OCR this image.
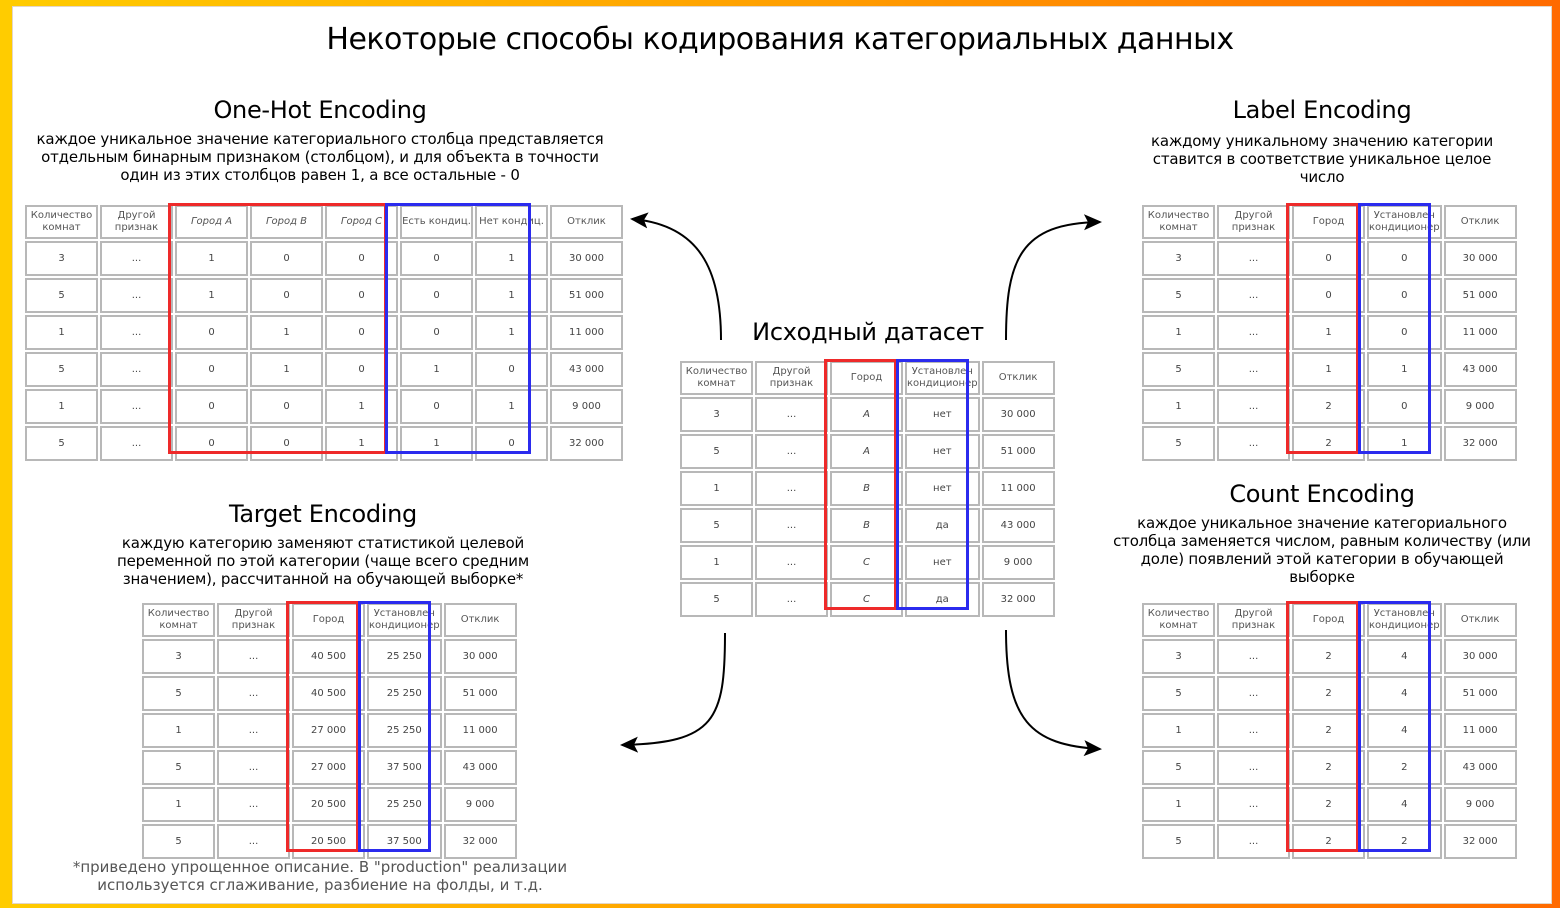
Некоторые способы кодирования категориальных данных
One-Hot Encoding
каждое уникальное значение категориального столбца представляется отдельным бинарным признаком (столбцом), и для объекта в точности один из этих столбцов равен 1, а все остальные - 0
Количество комнат	Другой признак	Город A	Город B	Город C	Есть кондиц.	Нет кондиц.	Отклик
3	...	1	0	0	0	1	30 000
5	...	1	0	0	0	1	51 000
1	...	0	1	0	0	1	11 000
5	...	0	1	0	1	0	43 000
1	...	0	0	1	0	1	9 000
5	...	0	0	1	1	0	32 000
Label Encoding
каждому уникальному значению категории ставится в соответствие уникальное целое число
Количество комнат	Другой признак	Город	Установлен кондиционер	Отклик
3	...	0	0	30 000
5	...	0	0	51 000
1	...	1	0	11 000
5	...	1	1	43 000
1	...	2	0	9 000
5	...	2	1	32 000
Исходный датасет
Количество комнат	Другой признак	Город	Установлен кондиционер	Отклик
3	...	A	нет	30 000
5	...	A	нет	51 000
1	...	B	нет	11 000
5	...	B	да	43 000
1	...	C	нет	9 000
5	...	C	да	32 000
Target Encoding
каждую категорию заменяют статистикой целевой переменной по этой категории (чаще всего средним значением), рассчитанной на обучающей выборке*
Количество комнат	Другой признак	Город	Установлен кондиционер	Отклик
3	...	40 500	25 250	30 000
5	...	40 500	25 250	51 000
1	...	27 000	25 250	11 000
5	...	27 000	37 500	43 000
1	...	20 500	25 250	9 000
5	...	20 500	37 500	32 000
*приведено упрощенное описание. В "production" реализации используется сглаживание, разбиение на фолды, и т.д.
Count Encoding
каждое уникальное значение категориального столбца заменяется числом, равным количеству (или доле) появлений этой категории в обучающей выборке
Количество комнат	Другой признак	Город	Установлен кондиционер	Отклик
3	...	2	4	30 000
5	...	2	4	51 000
1	...	2	4	11 000
5	...	2	2	43 000
1	...	2	4	9 000
5	...	2	2	32 000
